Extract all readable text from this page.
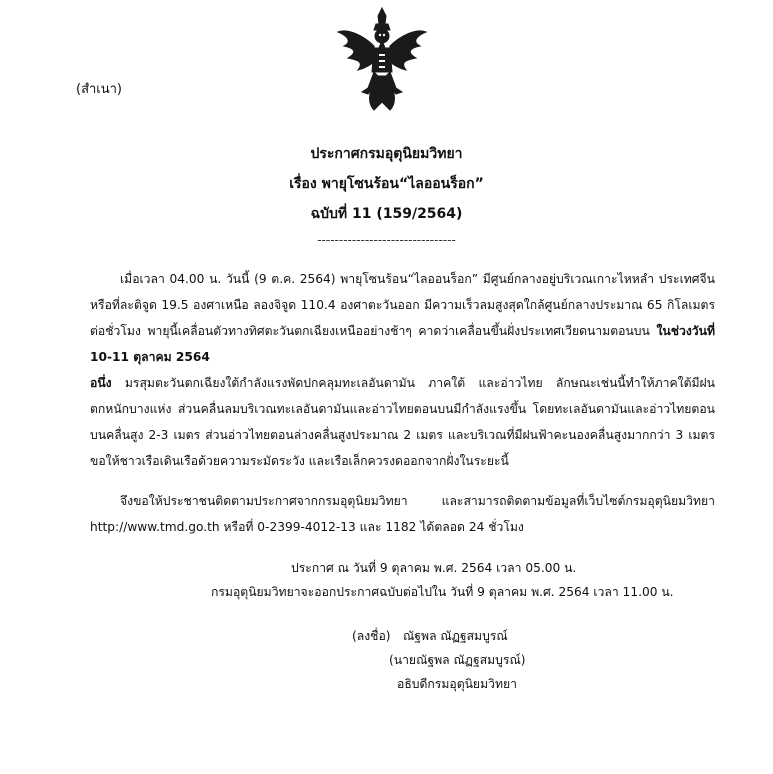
(สำเนา)
ประกาศกรมอุตุนิยมวิทยา
เรื่อง พายุโซนร้อน“ไลออนร็อก”
ฉบับที่ 11 (159/2564)
--------------------------------
เมื่อเวลา 04.00 น. วันนี้ (9 ต.ค. 2564) พายุโซนร้อน“ไลออนร็อก” มีศูนย์กลางอยู่บริเวณเกาะไหหลำ ประเทศจีน หรือที่ละติจูด 19.5 องศาเหนือ ลองจิจูด 110.4 องศาตะวันออก มีความเร็วลมสูงสุดใกล้ศูนย์กลางประมาณ 65 กิโลเมตรต่อชั่วโมง พายุนี้เคลื่อนตัวทางทิศตะวันตกเฉียงเหนืออย่างช้าๆ คาดว่าเคลื่อนขึ้นฝั่งประเทศเวียดนามตอนบน ในช่วงวันที่ 10-11 ตุลาคม 2564
อนึ่ง มรสุมตะวันตกเฉียงใต้กำลังแรงพัดปกคลุมทะเลอันดามัน ภาคใต้ และอ่าวไทย ลักษณะเช่นนี้ทำให้ภาคใต้มีฝนตกหนักบางแห่ง ส่วนคลื่นลมบริเวณทะเลอันดามันและอ่าวไทยตอนบนมีกำลังแรงขึ้น โดยทะเลอันดามันและอ่าวไทยตอนบนคลื่นสูง 2-3 เมตร ส่วนอ่าวไทยตอนล่างคลื่นสูงประมาณ 2 เมตร และบริเวณที่มีฝนฟ้าคะนองคลื่นสูงมากกว่า 3 เมตร ขอให้ชาวเรือเดินเรือด้วยความระมัดระวัง และเรือเล็กควรงดออกจากฝั่งในระยะนี้
จึงขอให้ประชาชนติดตามประกาศจากกรมอุตุนิยมวิทยา และสามารถติดตามข้อมูลที่เว็บไซต์กรมอุตุนิยมวิทยา http://www.tmd.go.th หรือที่ 0-2399-4012-13 และ 1182 ได้ตลอด 24 ชั่วโมง
ประกาศ ณ วันที่ 9 ตุลาคม พ.ศ. 2564 เวลา 05.00 น.
กรมอุตุนิยมวิทยาจะออกประกาศฉบับต่อไปใน วันที่ 9 ตุลาคม พ.ศ. 2564 เวลา 11.00 น.
(ลงชื่อ) ณัฐพล ณัฏฐสมบูรณ์
(นายณัฐพล ณัฏฐสมบูรณ์)
อธิบดีกรมอุตุนิยมวิทยา
